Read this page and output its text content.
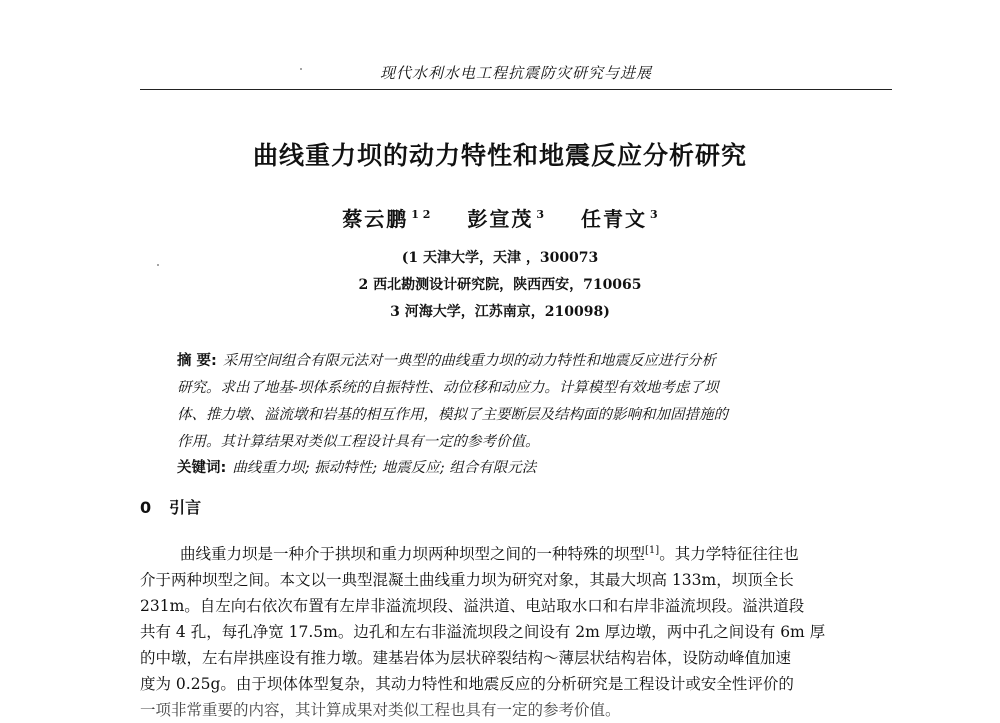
现代水利水电工程抗震防灾研究与进展
曲线重力坝的动力特性和地震反应分析研究
蔡云鹏 $^{1 2}$ 彭宣茂 $^3$ 任青文 $^3$
(1 天津大学，天津 ，300073
2 西北勘测设计研究院，陕西西安，710065
3 河海大学，江苏南京，210098)
摘 要: 采用空间组合有限元法对一典型的曲线重力坝的动力特性和地震反应进行分析
研究。求出了地基-坝体系统的自振特性、动位移和动应力。计算模型有效地考虑了坝
体、推力墩、溢流墩和岩基的相互作用，模拟了主要断层及结构面的影响和加固措施的
作用。其计算结果对类似工程设计具有一定的参考价值。
关键词: 曲线重力坝; 振动特性; 地震反应; 组合有限元法
0 引言
曲线重力坝是一种介于拱坝和重力坝两种坝型之间的一种特殊的坝型[1]。其力学特征往往也
介于两种坝型之间。本文以一典型混凝土曲线重力坝为研究对象，其最大坝高 133m，坝顶全长
231m。自左向右依次布置有左岸非溢流坝段、溢洪道、电站取水口和右岸非溢流坝段。溢洪道段
共有 4 孔，每孔净宽 17.5m。边孔和左右非溢流坝段之间设有 2m 厚边墩，两中孔之间设有 6m 厚
的中墩，左右岸拱座设有推力墩。建基岩体为层状碎裂结构～薄层状结构岩体，设防动峰值加速
度为 0.25g。由于坝体体型复杂，其动力特性和地震反应的分析研究是工程设计或安全性评价的
一项非常重要的内容，其计算成果对类似工程也具有一定的参考价值。
